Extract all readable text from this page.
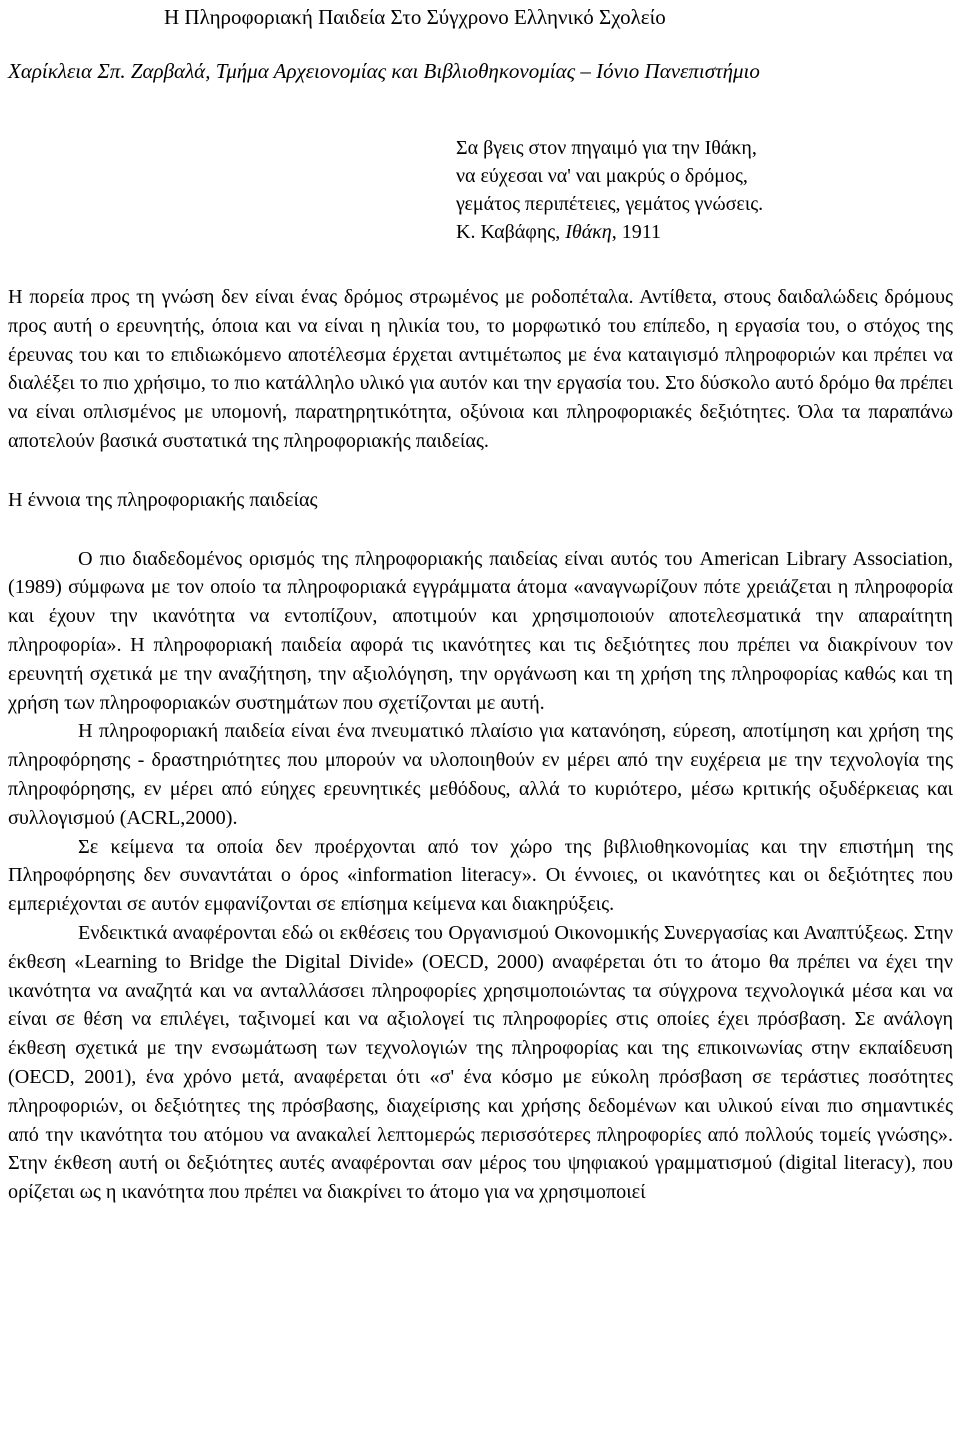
Η Πληροφοριακή Παιδεία Στο Σύγχρονο Ελληνικό Σχολείο

Χαρίκλεια Σπ. Ζαρβαλά, Τμήμα Αρχειονομίας και Βιβλιοθηκονομίας – Ιόνιο Πανεπιστήμιο

Σα βγεις στον πηγαιμό για την Ιθάκη,
να εύχεσαι να' ναι μακρύς ο δρόμος,
γεμάτος περιπέτειες, γεμάτος γνώσεις.
Κ. Καβάφης, Ιθάκη, 1911

Η πορεία προς τη γνώση δεν είναι ένας δρόμος στρωμένος με ροδοπέταλα. Αντίθετα, στους δαιδαλώδεις δρόμους προς αυτή ο ερευνητής, όποια και να είναι η ηλικία του, το μορφωτικό του επίπεδο, η εργασία του, ο στόχος της έρευνας του και το επιδιωκόμενο αποτέλεσμα έρχεται αντιμέτωπος με ένα καταιγισμό πληροφοριών και πρέπει να διαλέξει το πιο χρήσιμο, το πιο κατάλληλο υλικό για αυτόν και την εργασία του. Στο δύσκολο αυτό δρόμο θα πρέπει να είναι οπλισμένος με υπομονή, παρατηρητικότητα, οξύνοια και πληροφοριακές δεξιότητες. Όλα τα παραπάνω αποτελούν βασικά συστατικά της πληροφοριακής παιδείας.

Η έννοια της πληροφοριακής παιδείας

Ο πιο διαδεδομένος ορισμός της πληροφοριακής παιδείας είναι αυτός του American Library Association, (1989) σύμφωνα με τον οποίο τα πληροφοριακά εγγράμματα άτομα «αναγνωρίζουν πότε χρειάζεται η πληροφορία και έχουν την ικανότητα να εντοπίζουν, αποτιμούν και χρησιμοποιούν αποτελεσματικά την απαραίτητη πληροφορία». Η πληροφοριακή παιδεία αφορά τις ικανότητες και τις δεξιότητες που πρέπει να διακρίνουν τον ερευνητή σχετικά με την αναζήτηση, την αξιολόγηση, την οργάνωση και τη χρήση της πληροφορίας καθώς και τη χρήση των πληροφοριακών συστημάτων που σχετίζονται με αυτή.

Η πληροφοριακή παιδεία είναι ένα πνευματικό πλαίσιο για κατανόηση, εύρεση, αποτίμηση και χρήση της πληροφόρησης - δραστηριότητες που μπορούν να υλοποιηθούν εν μέρει από την ευχέρεια με την τεχνολογία της πληροφόρησης, εν μέρει από εύηχες ερευνητικές μεθόδους, αλλά το κυριότερο, μέσω κριτικής οξυδέρκειας και συλλογισμού (ACRL,2000).

Σε κείμενα τα οποία δεν προέρχονται από τον χώρο της βιβλιοθηκονομίας και την επιστήμη της Πληροφόρησης δεν συναντάται ο όρος «information literacy». Οι έννοιες, οι ικανότητες και οι δεξιότητες που εμπεριέχονται σε αυτόν εμφανίζονται σε επίσημα κείμενα και διακηρύξεις.

Ενδεικτικά αναφέρονται εδώ οι εκθέσεις του Οργανισμού Οικονομικής Συνεργασίας και Αναπτύξεως. Στην έκθεση «Learning to Bridge the Digital Divide» (OECD, 2000) αναφέρεται ότι το άτομο θα πρέπει να έχει την ικανότητα να αναζητά και να ανταλλάσσει πληροφορίες χρησιμοποιώντας τα σύγχρονα τεχνολογικά μέσα και να είναι σε θέση να επιλέγει, ταξινομεί και να αξιολογεί τις πληροφορίες στις οποίες έχει πρόσβαση. Σε ανάλογη έκθεση σχετικά με την ενσωμάτωση των τεχνολογιών της πληροφορίας και της επικοινωνίας στην εκπαίδευση (OECD, 2001), ένα χρόνο μετά, αναφέρεται ότι «σ' ένα κόσμο με εύκολη πρόσβαση σε τεράστιες ποσότητες πληροφοριών, οι δεξιότητες της πρόσβασης, διαχείρισης και χρήσης δεδομένων και υλικού είναι πιο σημαντικές από την ικανότητα του ατόμου να ανακαλεί λεπτομερώς περισσότερες πληροφορίες από πολλούς τομείς γνώσης». Στην έκθεση αυτή οι δεξιότητες αυτές αναφέρονται σαν μέρος του ψηφιακού γραμματισμού (digital literacy), που ορίζεται ως η ικανότητα που πρέπει να διακρίνει το άτομο για να χρησιμοποιεί
